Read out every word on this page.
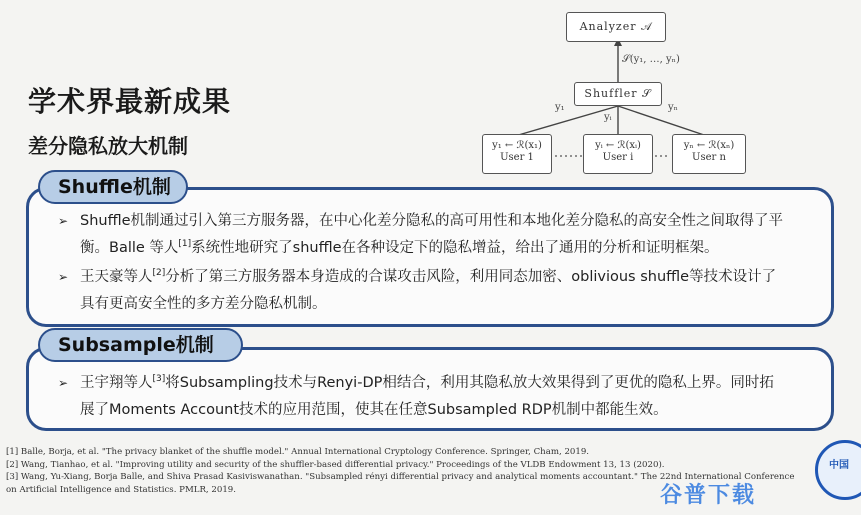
学术界最新成果
差分隐私放大机制
Analyzer 𝒜
𝒮(y₁, …, yₙ)
Shuffler 𝒮
y₁
yᵢ
yₙ
y₁ ← ℛ(x₁)
User 1
yᵢ ← ℛ(xᵢ)
User i
yₙ ← ℛ(xₙ)
User n
Shuffle机制
➢ Shuffle机制通过引入第三方服务器，在中心化差分隐私的高可用性和本地化差分隐私的高安全性之间取得了平
衡。Balle 等人[1]系统性地研究了shuffle在各种设定下的隐私增益，给出了通用的分析和证明框架。
➢ 王天豪等人[2]分析了第三方服务器本身造成的合谋攻击风险，利用同态加密、oblivious shuffle等技术设计了
具有更高安全性的多方差分隐私机制。
Subsample机制
➢ 王宇翔等人[3]将Subsampling技术与Renyi-DP相结合，利用其隐私放大效果得到了更优的隐私上界。同时拓
展了Moments Account技术的应用范围，使其在任意Subsampled RDP机制中都能生效。
[1] Balle, Borja, et al. "The privacy blanket of the shuffle model." Annual International Cryptology Conference. Springer, Cham, 2019.
[2] Wang, Tianhao, et al. "Improving utility and security of the shuffler-based differential privacy." Proceedings of the VLDB Endowment 13, 13 (2020).
[3] Wang, Yu-Xiang, Borja Balle, and Shiva Prasad Kasiviswanathan. "Subsampled rényi differential privacy and analytical moments accountant." The 22nd International Conference
on Artificial Intelligence and Statistics. PMLR, 2019.
中国
谷普下载
